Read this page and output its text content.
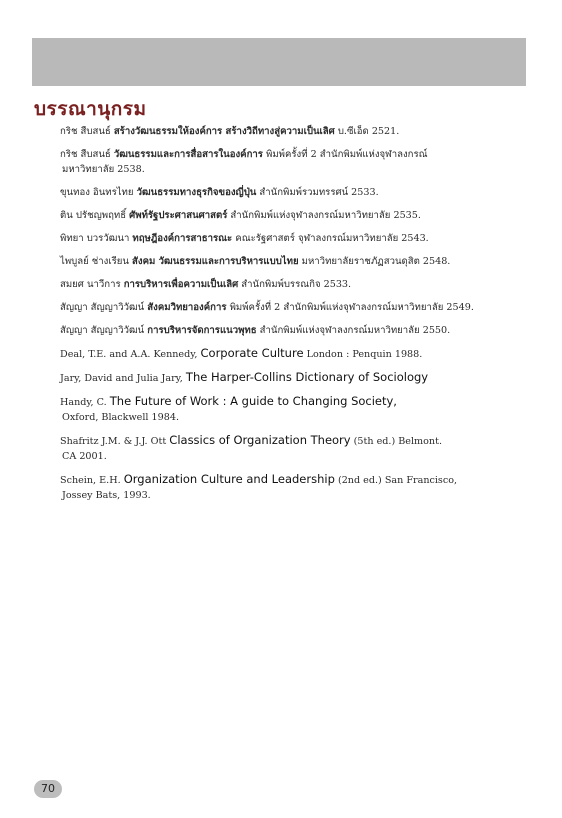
บรรณานุกรม
กริช สืบสนธ์ สร้างวัฒนธรรมให้องค์การ สร้างวิถีทางสู่ความเป็นเลิศ บ.ซีเอ็ด 2521.
กริช สืบสนธ์ วัฒนธรรมและการสื่อสารในองค์การ พิมพ์ครั้งที่ 2 สำนักพิมพ์แห่งจุฬาลงกรณ์
มหาวิทยาลัย 2538.
ขุนทอง อินทรไทย วัฒนธรรมทางธุรกิจของญี่ปุ่น สำนักพิมพ์รวมทรรศน์ 2533.
ติน ปรัชญพฤทธิ์ ศัพท์รัฐประศาสนศาสตร์ สำนักพิมพ์แห่งจุฬาลงกรณ์มหาวิทยาลัย 2535.
พิทยา บวรวัฒนา ทฤษฎีองค์การสาธารณะ คณะรัฐศาสตร์ จุฬาลงกรณ์มหาวิทยาลัย 2543.
ไพบูลย์ ช่างเรียน สังคม วัฒนธรรมและการบริหารแบบไทย มหาวิทยาลัยราชภัฏสวนดุสิต 2548.
สมยศ นาวีการ การบริหารเพื่อความเป็นเลิศ สำนักพิมพ์บรรณกิจ 2533.
สัญญา สัญญาวิวัฒน์ สังคมวิทยาองค์การ พิมพ์ครั้งที่ 2 สำนักพิมพ์แห่งจุฬาลงกรณ์มหาวิทยาลัย 2549.
สัญญา สัญญาวิวัฒน์ การบริหารจัดการแนวพุทธ สำนักพิมพ์แห่งจุฬาลงกรณ์มหาวิทยาลัย 2550.
Deal, T.E. and A.A. Kennedy, Corporate Culture London : Penquin 1988.
Jary, David and Julia Jary, The Harper-Collins Dictionary of Sociology
Handy, C. The Future of Work : A guide to Changing Society,
Oxford, Blackwell 1984.
Shafritz J.M. & J.J. Ott Classics of Organization Theory (5th ed.) Belmont.
CA 2001.
Schein, E.H. Organization Culture and Leadership (2nd ed.) San Francisco,
Jossey Bats, 1993.
70
